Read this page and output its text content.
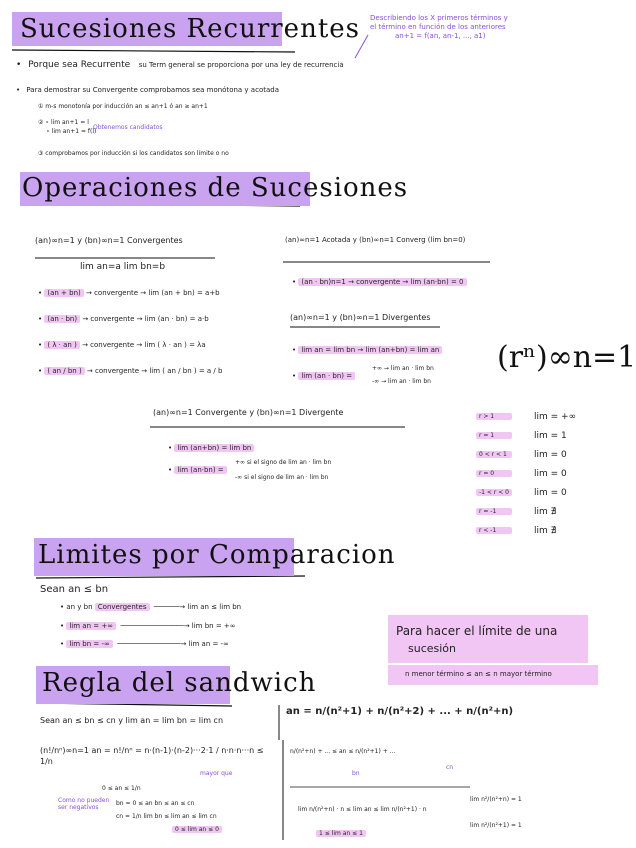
Sucesiones Recurrentes Describiendo los X primeros términos y
el término en función de los anteriores
an+1 = f(an, an-1, ..., a1)
• Porque sea Recurrente su Term general se proporciona por una ley de recurrencia
• Para demostrar su Convergente comprobamos sea monótona y acotada
① m-s monotonía por inducción an ≤ an+1 ó an ≥ an+1
② ∘ lim an+1 = l
∘ lim an+1 = f(l)
Obtenemos candidatos
③ comprobamos por inducción si los candidatos son límite o no
Operaciones de Sucesiones
(an)∞n=1 y (bn)∞n=1 Convergentes
lim an=a lim bn=b
• (an + bn) → convergente → lim (an + bn) = a+b
• (an · bn) → convergente → lim (an · bn) = a·b
• ( λ · an ) → convergente → lim ( λ · an ) = λa
• ( an / bn ) → convergente → lim ( an / bn ) = a / b
(an)∞n=1 Acotada y (bn)∞n=1 Converg (lim bn=0)
• (an · bn)n=1 → convergente → lim (an·bn) = 0
(an)∞n=1 y (bn)∞n=1 Divergentes
• lim an = lim bn → lim (an+bn) = lim an
• lim (an · bn) =
+∞ → lim an · lim bn
-∞ → lim an · lim bn
(rⁿ)∞n=1
(an)∞n=1 Convergente y (bn)∞n=1 Divergente
• lim (an+bn) = lim bn
• lim (an·bn) =
+∞ si el signo de lim an · lim bn
-∞ si el signo de lim an · lim bn
r > 1	lim = +∞
r = 1	lim = 1
0 < r < 1	lim = 0
r = 0	lim = 0
-1 < r < 0	lim = 0
r = -1	lim ∄
r < -1	lim ∄
Limites por Comparacion
Sean an ≤ bn
• an y bn Convergentes  ──────→ lim an ≤ lim bn
• lim an = +∞  ───────────────→ lim bn = +∞
• lim bn = -∞  ───────────────→ lim an = -∞
Para hacer el límite de una
sucesión
n menor término ≤ an ≤ n mayor término
Regla del sandwich
Sean an ≤ bn ≤ cn y lim an = lim bn = lim cn
an = n/(n²+1) + n/(n²+2) + ... + n/(n²+n)
(n!/nⁿ)∞n=1 an = n!/nⁿ = n·(n-1)·(n-2)···2·1 / n·n·n···n ≤ 1/n
mayor que
0 ≤ an ≤ 1/n
bn = 0 ≤ an bn ≤ an ≤ cn
cn = 1/n lim bn ≤ lim an ≤ lim cn
0 ≤ lim an ≤ 0
Como no pueden ser negativos
n/(n²+n) + ... ≤ an ≤ n/(n²+1) + ...
bn
cn
lim n/(n²+n) · n ≤ lim an ≤ lim n/(n²+1) · n
lim n²/(n²+n) = 1
lim n²/(n²+1) = 1
1 ≤ lim an ≤ 1
